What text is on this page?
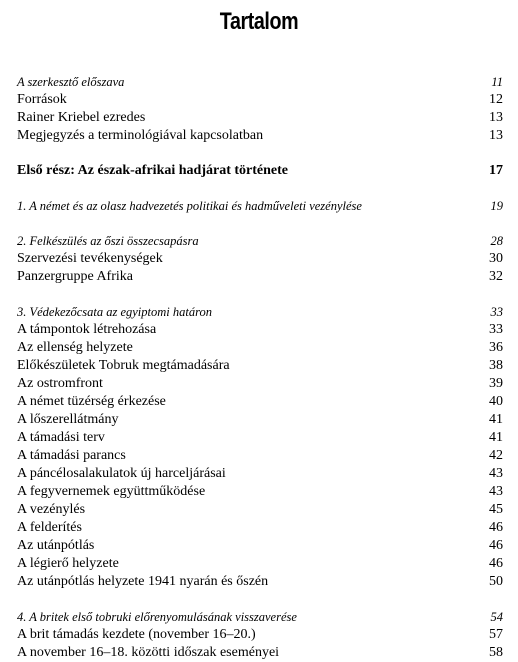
Tartalom
A szerkesztő előszava	11
Források	12
Rainer Kriebel ezredes	13
Megjegyzés a terminológiával kapcsolatban	13
Első rész: Az észak-afrikai hadjárat története	17
1. A német és az olasz hadvezetés politikai és hadműveleti vezénylése	19
2. Felkészülés az őszi összecsapásra	28
Szervezési tevékenységek	30
Panzergruppe Afrika	32
3. Védekezőcsata az egyiptomi határon	33
A támpontok létrehozása	33
Az ellenség helyzete	36
Előkészületek Tobruk megtámadására	38
Az ostromfront	39
A német tüzérség érkezése	40
A lőszerellátmány	41
A támadási terv	41
A támadási parancs	42
A páncélosalakulatok új harceljárásai	43
A fegyvernemek együttműködése	43
A vezénylés	45
A felderítés	46
Az utánpótlás	46
A légierő helyzete	46
Az utánpótlás helyzete 1941 nyarán és őszén	50
4. A britek első tobruki előrenyomulásának visszaverése	54
A brit támadás kezdete (november 16–20.)	57
A november 16–18. közötti időszak eseményei	58
